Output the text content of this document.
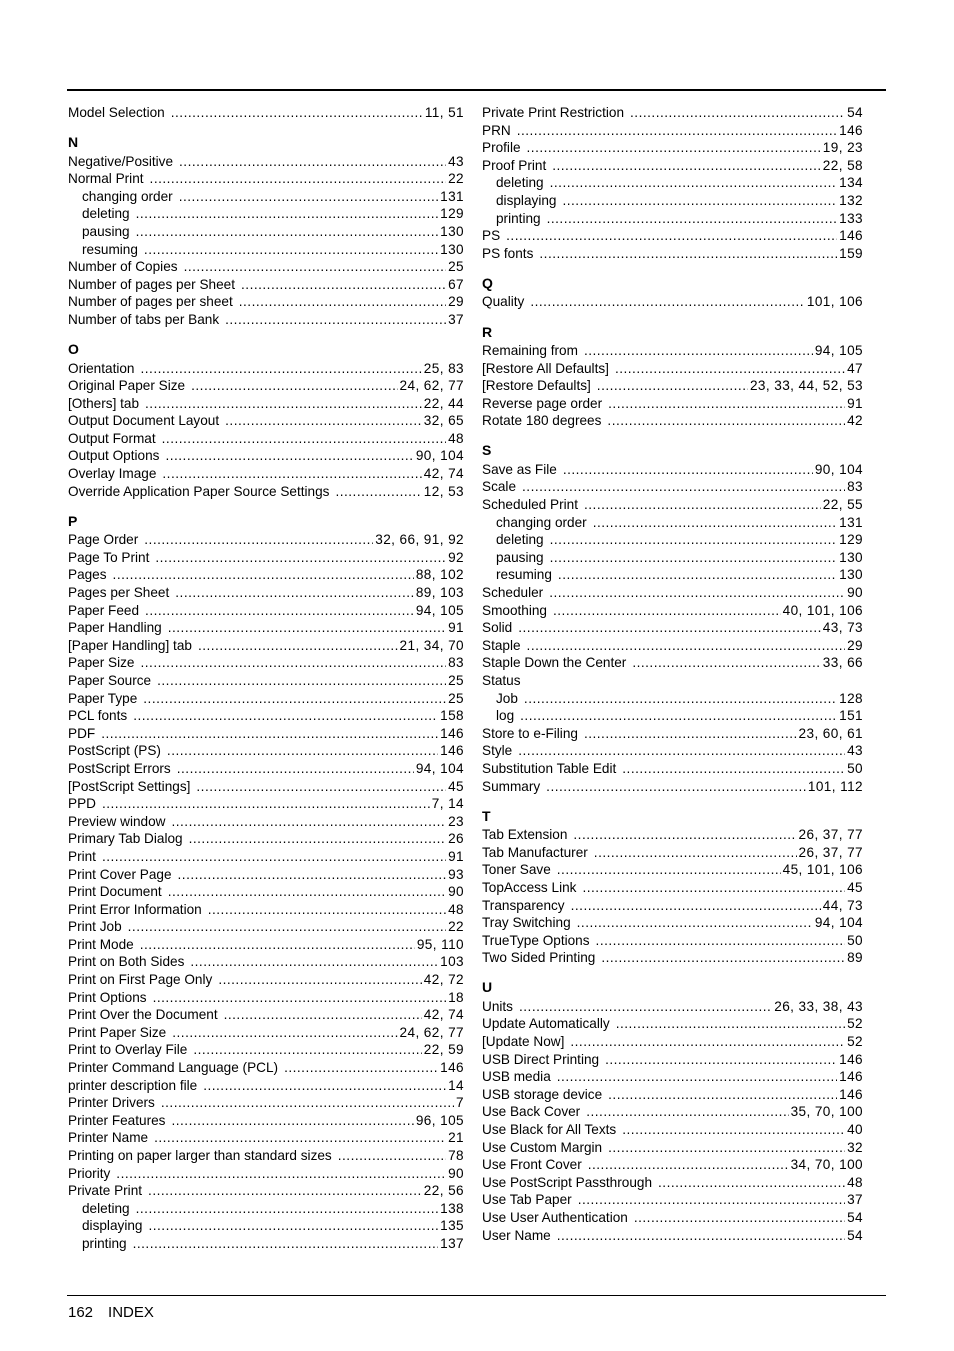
Model Selection .....	11, 51
N
Negative/Positive .....	43
Normal Print .....	22
changing order .....	131
deleting .....	129
pausing .....	130
resuming .....	130
Number of Copies .....	25
Number of pages per Sheet .....	67
Number of pages per sheet .....	29
Number of tabs per Bank .....	37
O
Orientation .....	25, 83
Original Paper Size .....	24, 62, 77
[Others] tab .....	22, 44
Output Document Layout .....	32, 65
Output Format .....	48
Output Options .....	90, 104
Overlay Image .....	42, 74
Override Application Paper Source Settings .....	12, 53
P
Page Order .....	32, 66, 91, 92
Page To Print .....	92
Pages .....	88, 102
Pages per Sheet .....	89, 103
Paper Feed .....	94, 105
Paper Handling .....	91
[Paper Handling] tab .....	21, 34, 70
Paper Size .....	83
Paper Source .....	25
Paper Type .....	25
PCL fonts .....	158
PDF .....	146
PostScript (PS) .....	146
PostScript Errors .....	94, 104
[PostScript Settings] .....	45
PPD .....	7, 14
Preview window .....	23
Primary Tab Dialog .....	26
Print .....	91
Print Cover Page .....	93
Print Document .....	90
Print Error Information .....	48
Print Job .....	22
Print Mode .....	95, 110
Print on Both Sides .....	103
Print on First Page Only .....	42, 72
Print Options .....	18
Print Over the Document .....	42, 74
Print Paper Size .....	24, 62, 77
Print to Overlay File .....	22, 59
Printer Command Language (PCL) .....	146
printer description file .....	14
Printer Drivers .....	7
Printer Features .....	96, 105
Printer Name .....	21
Printing on paper larger than standard sizes .....	78
Priority .....	90
Private Print .....	22, 56
deleting .....	138
displaying .....	135
printing .....	137
Private Print Restriction .....	54
PRN .....	146
Profile .....	19, 23
Proof Print .....	22, 58
deleting .....	134
displaying .....	132
printing .....	133
PS .....	146
PS fonts .....	159
Q
Quality .....	101, 106
R
Remaining from .....	94, 105
[Restore All Defaults] .....	47
[Restore Defaults] .....	23, 33, 44, 52, 53
Reverse page order .....	91
Rotate 180 degrees .....	42
S
Save as File .....	90, 104
Scale .....	83
Scheduled Print .....	22, 55
changing order .....	131
deleting .....	129
pausing .....	130
resuming .....	130
Scheduler .....	90
Smoothing .....	40, 101, 106
Solid .....	43, 73
Staple .....	29
Staple Down the Center .....	33, 66
Status
Job .....	128
log .....	151
Store to e-Filing .....	23, 60, 61
Style .....	43
Substitution Table Edit .....	50
Summary .....	101, 112
T
Tab Extension .....	26, 37, 77
Tab Manufacturer .....	26, 37, 77
Toner Save .....	45, 101, 106
TopAccess Link .....	45
Transparency .....	44, 73
Tray Switching .....	94, 104
TrueType Options .....	50
Two Sided Printing .....	89
U
Units .....	26, 33, 38, 43
Update Automatically .....	52
[Update Now] .....	52
USB Direct Printing .....	146
USB media .....	146
USB storage device .....	146
Use Back Cover .....	35, 70, 100
Use Black for All Texts .....	40
Use Custom Margin .....	32
Use Front Cover .....	34, 70, 100
Use PostScript Passthrough .....	48
Use Tab Paper .....	37
Use User Authentication .....	54
User Name .....	54
162 INDEX
